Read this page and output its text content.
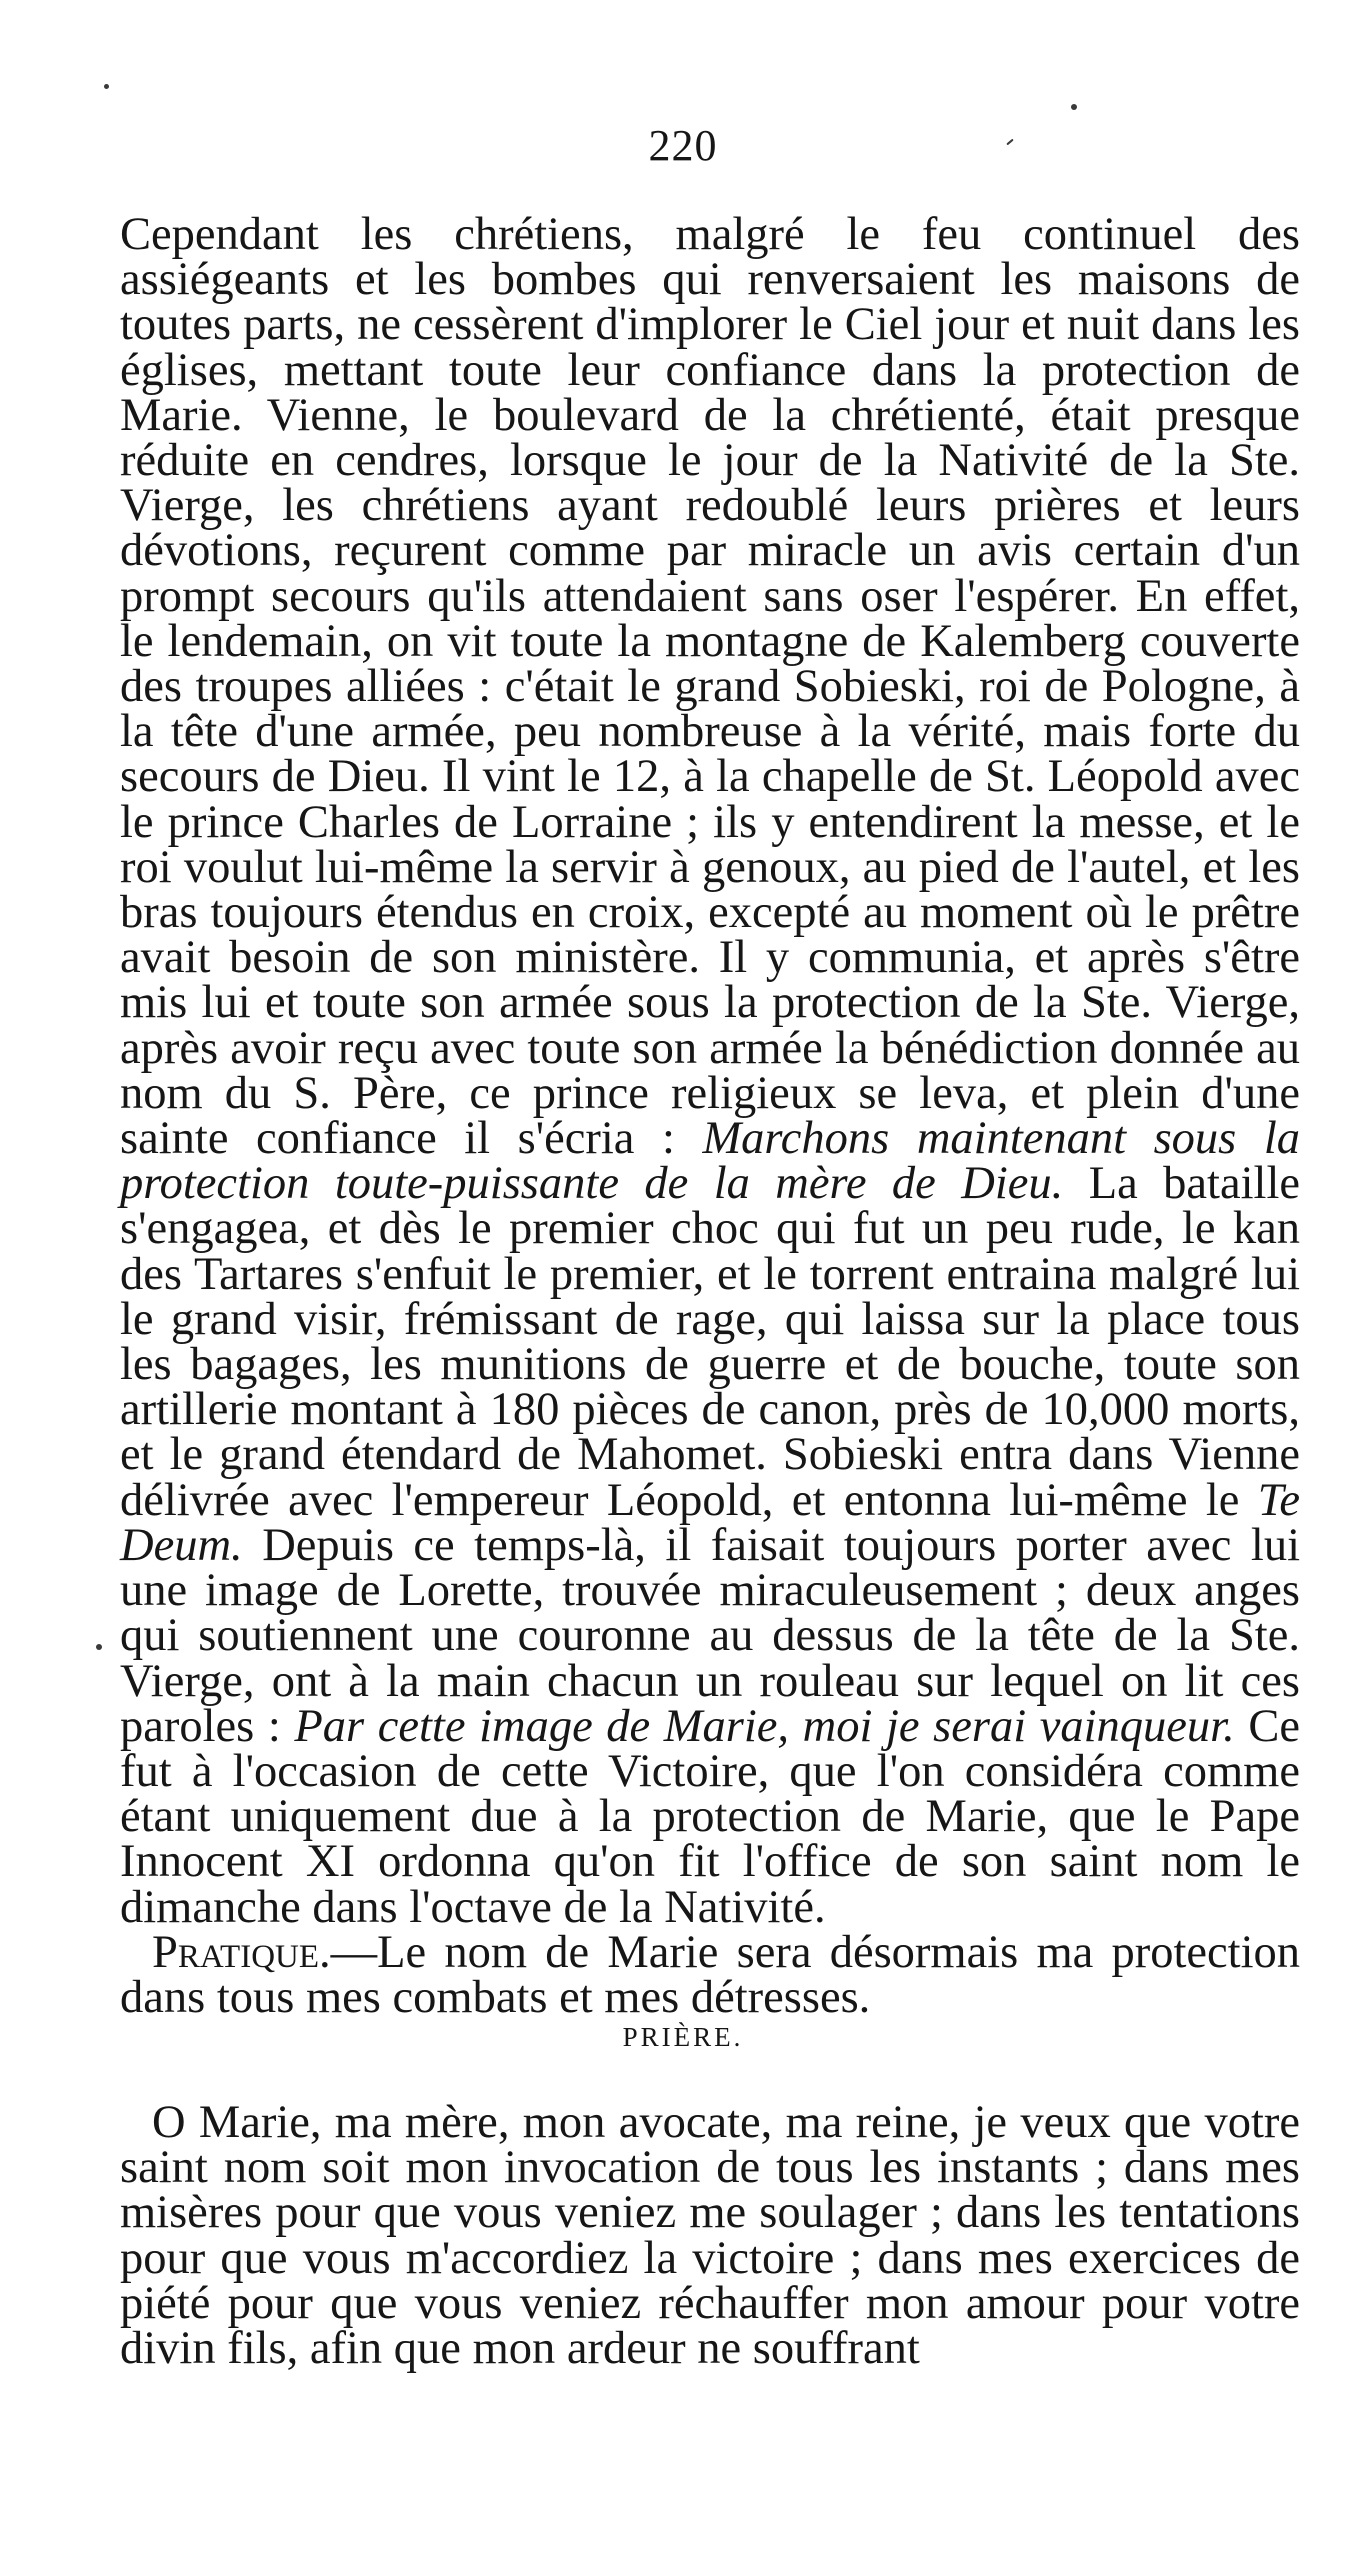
220

Cependant les chrétiens, malgré le feu continuel des assiégeants et les bombes qui renversaient les maisons de toutes parts, ne cessèrent d'implorer le Ciel jour et nuit dans les églises, mettant toute leur confiance dans la protection de Marie. Vienne, le boulevard de la chrétienté, était presque réduite en cendres, lorsque le jour de la Nativité de la Ste. Vierge, les chrétiens ayant redoublé leurs prières et leurs dévotions, reçurent comme par miracle un avis certain d'un prompt secours qu'ils attendaient sans oser l'espérer. En effet, le lendemain, on vit toute la montagne de Kalemberg couverte des troupes alliées : c'était le grand Sobieski, roi de Pologne, à la tête d'une armée, peu nombreuse à la vérité, mais forte du secours de Dieu. Il vint le 12, à la chapelle de St. Léopold avec le prince Charles de Lorraine ; ils y entendirent la messe, et le roi voulut lui-même la servir à genoux, au pied de l'autel, et les bras toujours étendus en croix, excepté au moment où le prêtre avait besoin de son ministère. Il y communia, et après s'être mis lui et toute son armée sous la protection de la Ste. Vierge, après avoir reçu avec toute son armée la bénédiction donnée au nom du S. Père, ce prince religieux se leva, et plein d'une sainte confiance il s'écria : Marchons maintenant sous la protection toute-puissante de la mère de Dieu. La bataille s'engagea, et dès le premier choc qui fut un peu rude, le kan des Tartares s'enfuit le premier, et le torrent entraina malgré lui le grand visir, frémissant de rage, qui laissa sur la place tous les bagages, les munitions de guerre et de bouche, toute son artillerie montant à 180 pièces de canon, près de 10,000 morts, et le grand étendard de Mahomet. Sobieski entra dans Vienne délivrée avec l'empereur Léopold, et entonna lui-même le Te Deum. Depuis ce temps-là, il faisait toujours porter avec lui une image de Lorette, trouvée miraculeusement ; deux anges qui soutiennent une couronne au dessus de la tête de la Ste. Vierge, ont à la main chacun un rouleau sur lequel on lit ces paroles : Par cette image de Marie, moi je serai vainqueur. Ce fut à l'occasion de cette Victoire, que l'on considéra comme étant uniquement due à la protection de Marie, que le Pape Innocent XI ordonna qu'on fit l'office de son saint nom le dimanche dans l'octave de la Nativité.

Pratique.—Le nom de Marie sera désormais ma protection dans tous mes combats et mes détresses.

PRIÈRE.

O Marie, ma mère, mon avocate, ma reine, je veux que votre saint nom soit mon invocation de tous les instants ; dans mes misères pour que vous veniez me soulager ; dans les tentations pour que vous m'accordiez la victoire ; dans mes exercices de piété pour que vous veniez réchauffer mon amour pour votre divin fils, afin que mon ardeur ne souffrant
